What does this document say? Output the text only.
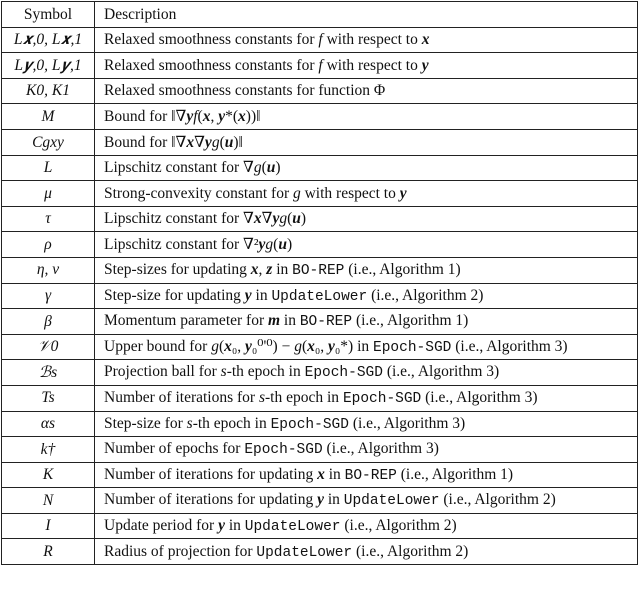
Symbol	Description
L𝒙,0, L𝒙,1	Relaxed smoothness constants for f with respect to x
L𝒚,0, L𝒚,1	Relaxed smoothness constants for f with respect to y
K0, K1	Relaxed smoothness constants for function Φ
M	Bound for ‖∇yf(x, y*(x))‖
Cgxy	Bound for ‖∇x∇yg(u)‖
L	Lipschitz constant for ∇g(u)
μ	Strong-convexity constant for g with respect to y
τ	Lipschitz constant for ∇x∇yg(u)
ρ	Lipschitz constant for ∇²yg(u)
η, ν	Step-sizes for updating x, z in BO-REP (i.e., Algorithm 1)
γ	Step-size for updating y in UpdateLower (i.e., Algorithm 2)
β	Momentum parameter for m in BO-REP (i.e., Algorithm 1)
𝒱0	Upper bound for g(x₀, y₀⁰'⁰) − g(x₀, y₀*) in Epoch-SGD (i.e., Algorithm 3)
ℬs	Projection ball for s-th epoch in Epoch-SGD (i.e., Algorithm 3)
Ts	Number of iterations for s-th epoch in Epoch-SGD (i.e., Algorithm 3)
αs	Step-size for s-th epoch in Epoch-SGD (i.e., Algorithm 3)
k†	Number of epochs for Epoch-SGD (i.e., Algorithm 3)
K	Number of iterations for updating x in BO-REP (i.e., Algorithm 1)
N	Number of iterations for updating y in UpdateLower (i.e., Algorithm 2)
I	Update period for y in UpdateLower (i.e., Algorithm 2)
R	Radius of projection for UpdateLower (i.e., Algorithm 2)
